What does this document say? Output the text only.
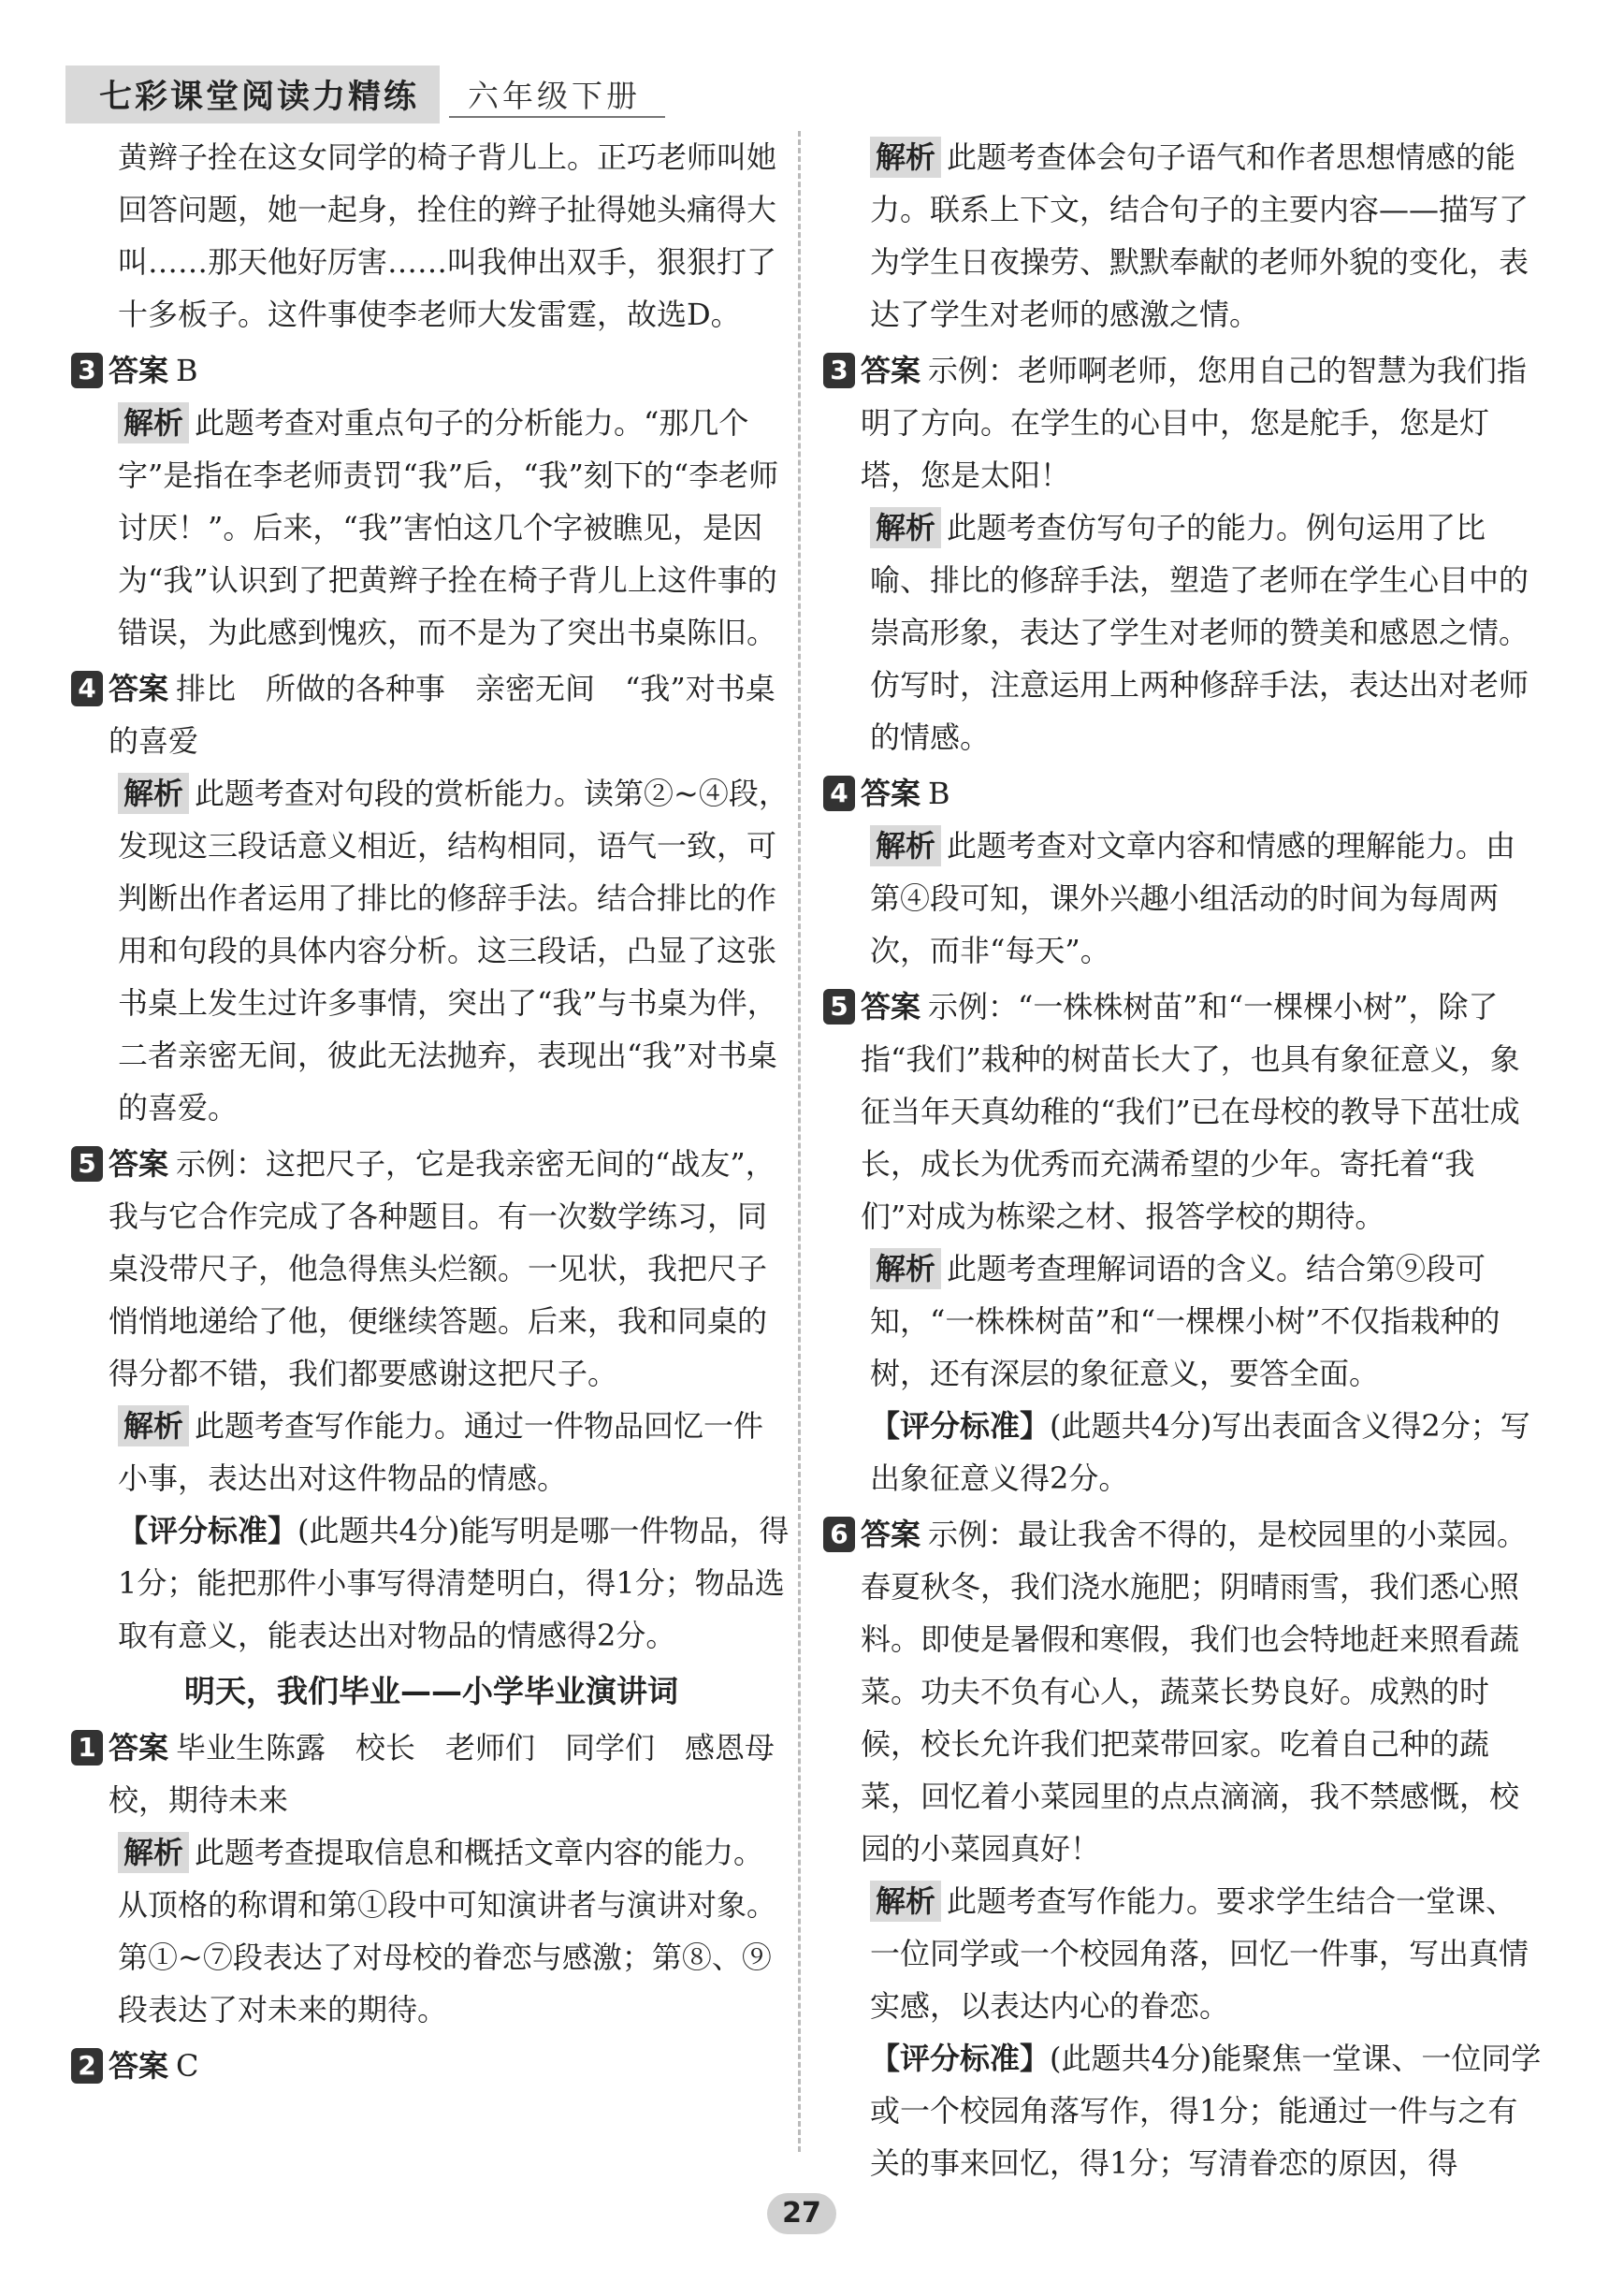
七彩课堂阅读力精练	六年级下册

黄辫子拴在这女同学的椅子背儿上。正巧老师叫她回答问题，她一起身，拴住的辫子扯得她头痛得大叫……那天他好厉害……叫我伸出双手，狠狠打了十多板子。这件事使李老师大发雷霆，故选D。

3 答案 B

解析 此题考查对重点句子的分析能力。“那几个字”是指在李老师责罚“我”后，“我”刻下的“李老师讨厌！”。后来，“我”害怕这几个字被瞧见，是因为“我”认识到了把黄辫子拴在椅子背儿上这件事的错误，为此感到愧疚，而不是为了突出书桌陈旧。

4 答案 排比　所做的各种事　亲密无间　“我”对书桌的喜爱

解析 此题考查对句段的赏析能力。读第②~④段，发现这三段话意义相近，结构相同，语气一致，可判断出作者运用了排比的修辞手法。结合排比的作用和句段的具体内容分析。这三段话，凸显了这张书桌上发生过许多事情，突出了“我”与书桌为伴，二者亲密无间，彼此无法抛弃，表现出“我”对书桌的喜爱。

5 答案 示例：这把尺子，它是我亲密无间的“战友”，我与它合作完成了各种题目。有一次数学练习，同桌没带尺子，他急得焦头烂额。一见状，我把尺子悄悄地递给了他，便继续答题。后来，我和同桌的得分都不错，我们都要感谢这把尺子。

解析 此题考查写作能力。通过一件物品回忆一件小事，表达出对这件物品的情感。

【评分标准】(此题共4分)能写明是哪一件物品，得1分；能把那件小事写得清楚明白，得1分；物品选取有意义，能表达出对物品的情感得2分。

明天，我们毕业——小学毕业演讲词
1 答案 毕业生陈露　校长　老师们　同学们　感恩母校，期待未来

解析 此题考查提取信息和概括文章内容的能力。从顶格的称谓和第①段中可知演讲者与演讲对象。第①~⑦段表达了对母校的眷恋与感激；第⑧、⑨段表达了对未来的期待。

2 答案 C

解析 此题考查体会句子语气和作者思想情感的能力。联系上下文，结合句子的主要内容——描写了为学生日夜操劳、默默奉献的老师外貌的变化，表达了学生对老师的感激之情。

3 答案 示例：老师啊老师，您用自己的智慧为我们指明了方向。在学生的心目中，您是舵手，您是灯塔，您是太阳！

解析 此题考查仿写句子的能力。例句运用了比喻、排比的修辞手法，塑造了老师在学生心目中的崇高形象，表达了学生对老师的赞美和感恩之情。仿写时，注意运用上两种修辞手法，表达出对老师的情感。

4 答案 B

解析 此题考查对文章内容和情感的理解能力。由第④段可知，课外兴趣小组活动的时间为每周两次，而非“每天”。

5 答案 示例：“一株株树苗”和“一棵棵小树”，除了指“我们”栽种的树苗长大了，也具有象征意义，象征当年天真幼稚的“我们”已在母校的教导下茁壮成长，成长为优秀而充满希望的少年。寄托着“我们”对成为栋梁之材、报答学校的期待。

解析 此题考查理解词语的含义。结合第⑨段可知，“一株株树苗”和“一棵棵小树”不仅指栽种的树，还有深层的象征意义，要答全面。

【评分标准】(此题共4分)写出表面含义得2分；写出象征意义得2分。

6 答案 示例：最让我舍不得的，是校园里的小菜园。春夏秋冬，我们浇水施肥；阴晴雨雪，我们悉心照料。即使是暑假和寒假，我们也会特地赶来照看蔬菜。功夫不负有心人，蔬菜长势良好。成熟的时候，校长允许我们把菜带回家。吃着自己种的蔬菜，回忆着小菜园里的点点滴滴，我不禁感慨，校园的小菜园真好！

解析 此题考查写作能力。要求学生结合一堂课、一位同学或一个校园角落，回忆一件事，写出真情实感，以表达内心的眷恋。

【评分标准】(此题共4分)能聚焦一堂课、一位同学或一个校园角落写作，得1分；能通过一件与之有关的事来回忆，得1分；写清眷恋的原因，得

27
